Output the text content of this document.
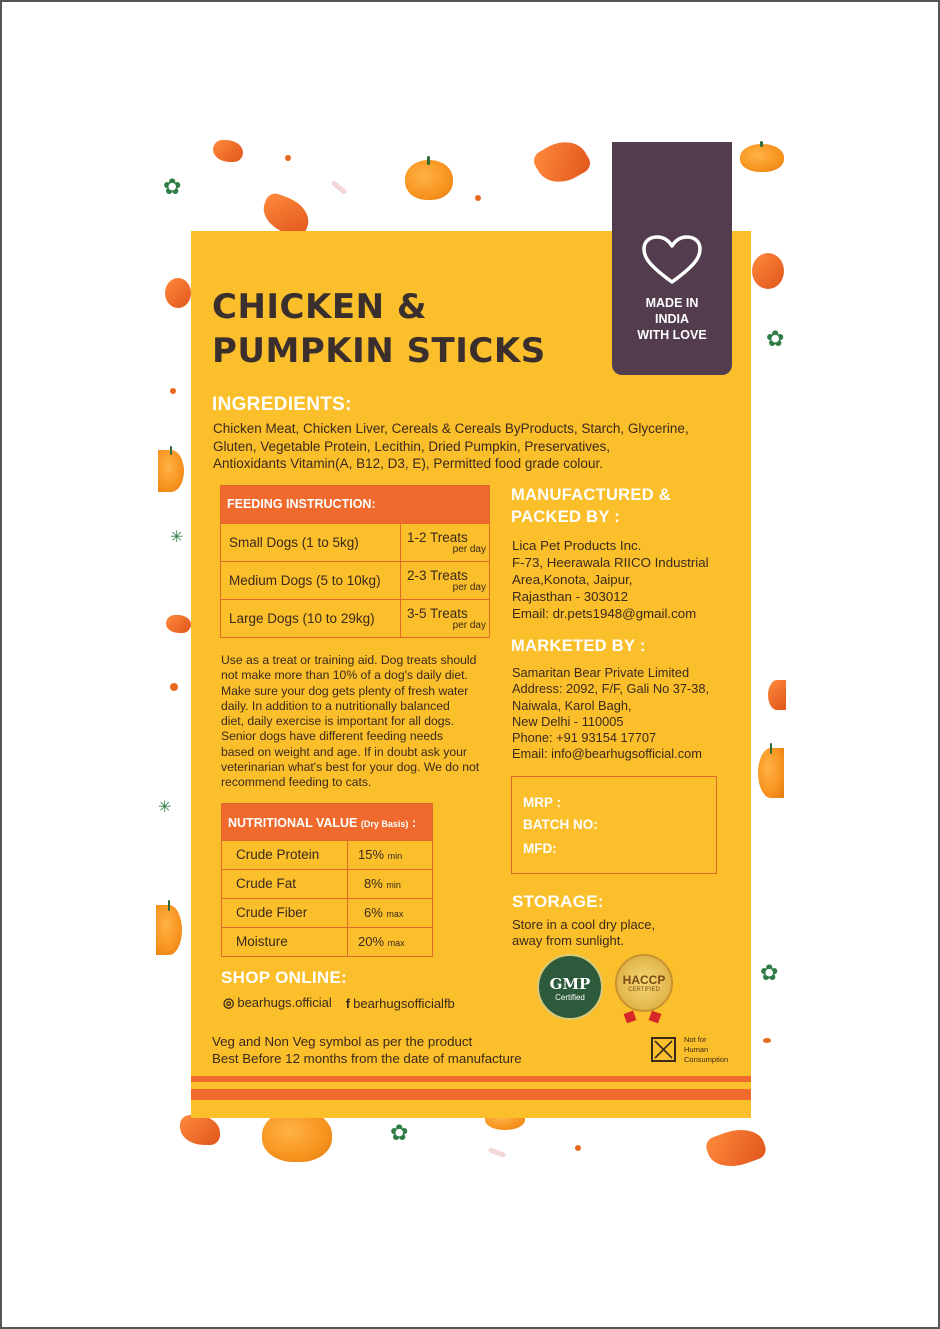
✿
✿
✳
✳
✿
✿
MADE IN
INDIA
WITH LOVE
CHICKEN &
PUMPKIN STICKS
INGREDIENTS:
Chicken Meat, Chicken Liver, Cereals & Cereals ByProducts, Starch, Glycerine,
Gluten, Vegetable Protein, Lecithin, Dried Pumpkin, Preservatives,
Antioxidants Vitamin(A, B12, D3, E), Permitted food grade colour.
FEEDING INSTRUCTION:
Small Dogs (1 to 5kg)	1-2 Treats
per day
Medium Dogs (5 to 10kg)	2-3 Treats
per day
Large Dogs (10 to 29kg)	3-5 Treats
per day
Use as a treat or training aid. Dog treats should
not make more than 10% of a dog's daily diet.
Make sure your dog gets plenty of fresh water
daily. In addition to a nutritionally balanced
diet, daily exercise is important for all dogs.
Senior dogs have different feeding needs
based on weight and age. If in doubt ask your
veterinarian what's best for your dog. We do not
recommend feeding to cats.
NUTRITIONAL VALUE (Dry Basis) :
Crude Protein	15% min
Crude Fat	8% min
Crude Fiber	6% max
Moisture	20% max
SHOP ONLINE:
◎ bearhugs.official f bearhugsofficialfb
Veg and Non Veg symbol as per the product
Best Before 12 months from the date of manufacture
MANUFACTURED &
PACKED BY :
Lica Pet Products Inc.
F-73, Heerawala RIICO Industrial
Area,Konota, Jaipur,
Rajasthan - 303012
Email: dr.pets1948@gmail.com
MARKETED BY :
Samaritan Bear Private Limited
Address: 2092, F/F, Gali No 37-38,
Naiwala, Karol Bagh,
New Delhi - 110005
Phone: +91 93154 17707
Email: info@bearhugsofficial.com
MRP :
BATCH NO:
MFD:
STORAGE:
Store in a cool dry place,
away from sunlight.
GMP
Certified
HACCP
CERTIFIED
Not for
Human
Consumption
